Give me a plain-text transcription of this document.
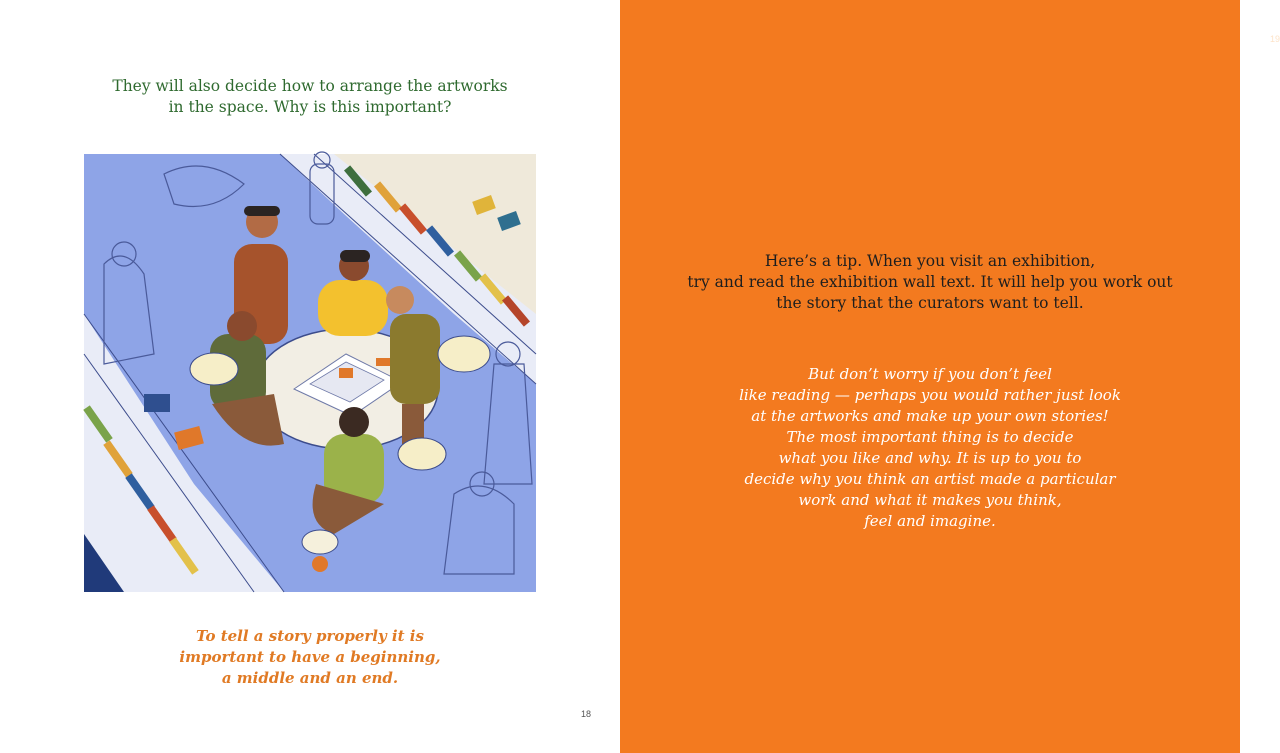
They will also decide how to arrange the artworks
in the space. Why is this important?
To tell a story properly it is
important to have a beginning,
a middle and an end.
18
19
Here’s a tip. When you visit an exhibition,
try and read the exhibition wall text. It will help you work out
the story that the curators want to tell.
But don’t worry if you don’t feel
like reading — perhaps you would rather just look
at the artworks and make up your own stories!
The most important thing is to decide
what you like and why. It is up to you to
decide why you think an artist made a particular
work and what it makes you think,
feel and imagine.
